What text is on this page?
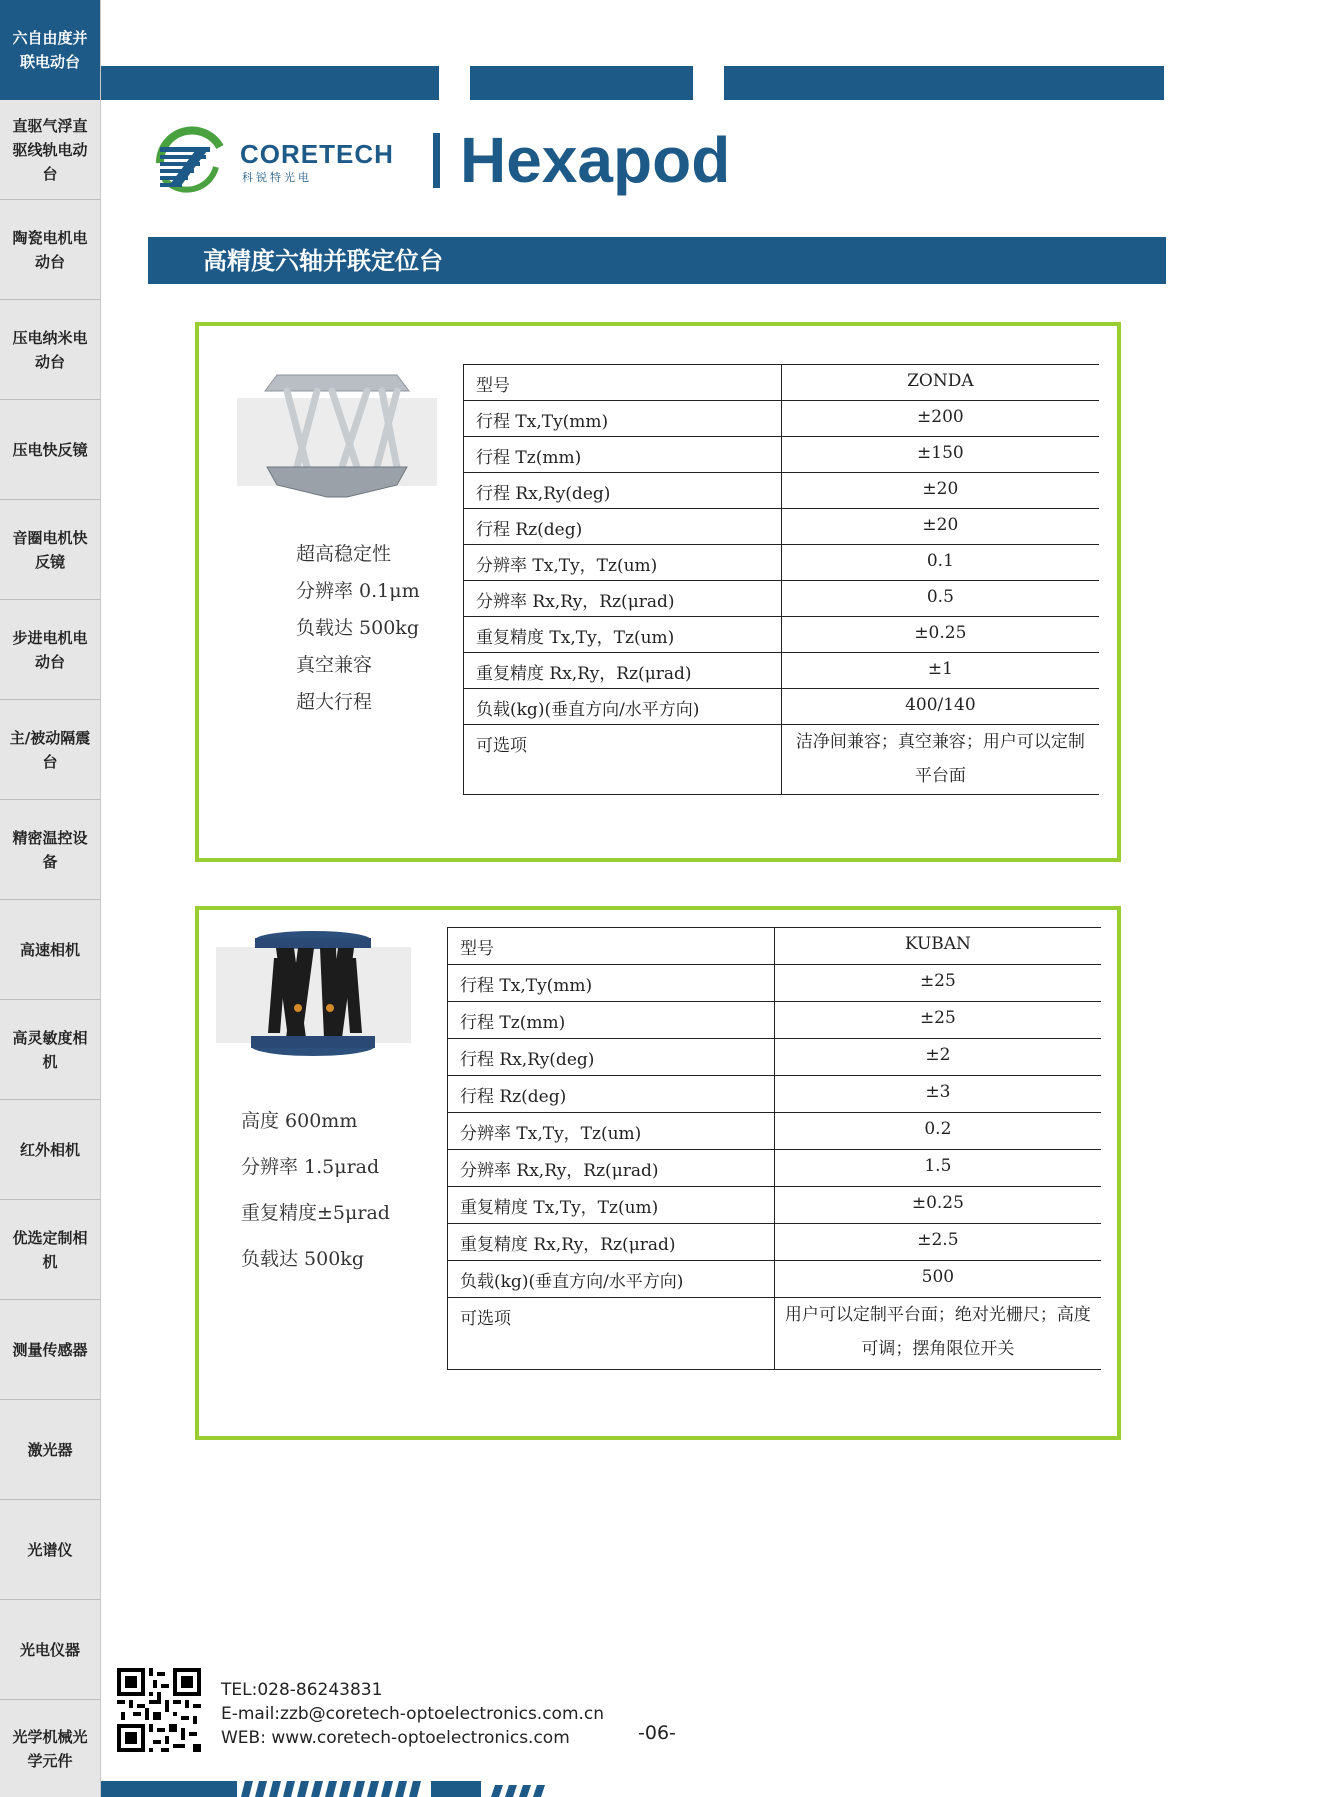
六自由度并联电动台
直驱气浮直驱线轨电动台
陶瓷电机电动台
压电纳米电动台
压电快反镜
音圈电机快反镜
步进电机电动台
主/被动隔震台
精密温控设备
高速相机
高灵敏度相机
红外相机
优选定制相机
测量传感器
激光器
光谱仪
光电仪器
光学机械光学元件
CORETECH
科锐特光电 Hexapod
高精度六轴并联定位台
超高稳定性
分辨率 0.1μm
负载达 500kg
真空兼容
超大行程
型号	ZONDA
行程 Tx,Ty(mm)	±200
行程 Tz(mm)	±150
行程 Rx,Ry(deg)	±20
行程 Rz(deg)	±20
分辨率 Tx,Ty，Tz(um)	0.1
分辨率 Rx,Ry，Rz(μrad)	0.5
重复精度 Tx,Ty，Tz(um)	±0.25
重复精度 Rx,Ry，Rz(μrad)	±1
负载(kg)(垂直方向/水平方向)	400/140
可选项	洁净间兼容；真空兼容；用户可以定制平台面
高度 600mm
分辨率 1.5μrad
重复精度±5μrad
负载达 500kg
型号	KUBAN
行程 Tx,Ty(mm)	±25
行程 Tz(mm)	±25
行程 Rx,Ry(deg)	±2
行程 Rz(deg)	±3
分辨率 Tx,Ty，Tz(um)	0.2
分辨率 Rx,Ry，Rz(μrad)	1.5
重复精度 Tx,Ty，Tz(um)	±0.25
重复精度 Rx,Ry，Rz(μrad)	±2.5
负载(kg)(垂直方向/水平方向)	500
可选项	用户可以定制平台面；绝对光栅尺；高度可调；摆角限位开关
TEL:028-86243831
E-mail:zzb@coretech-optoelectronics.com.cn
WEB: www.coretech-optoelectronics.com	-06-
